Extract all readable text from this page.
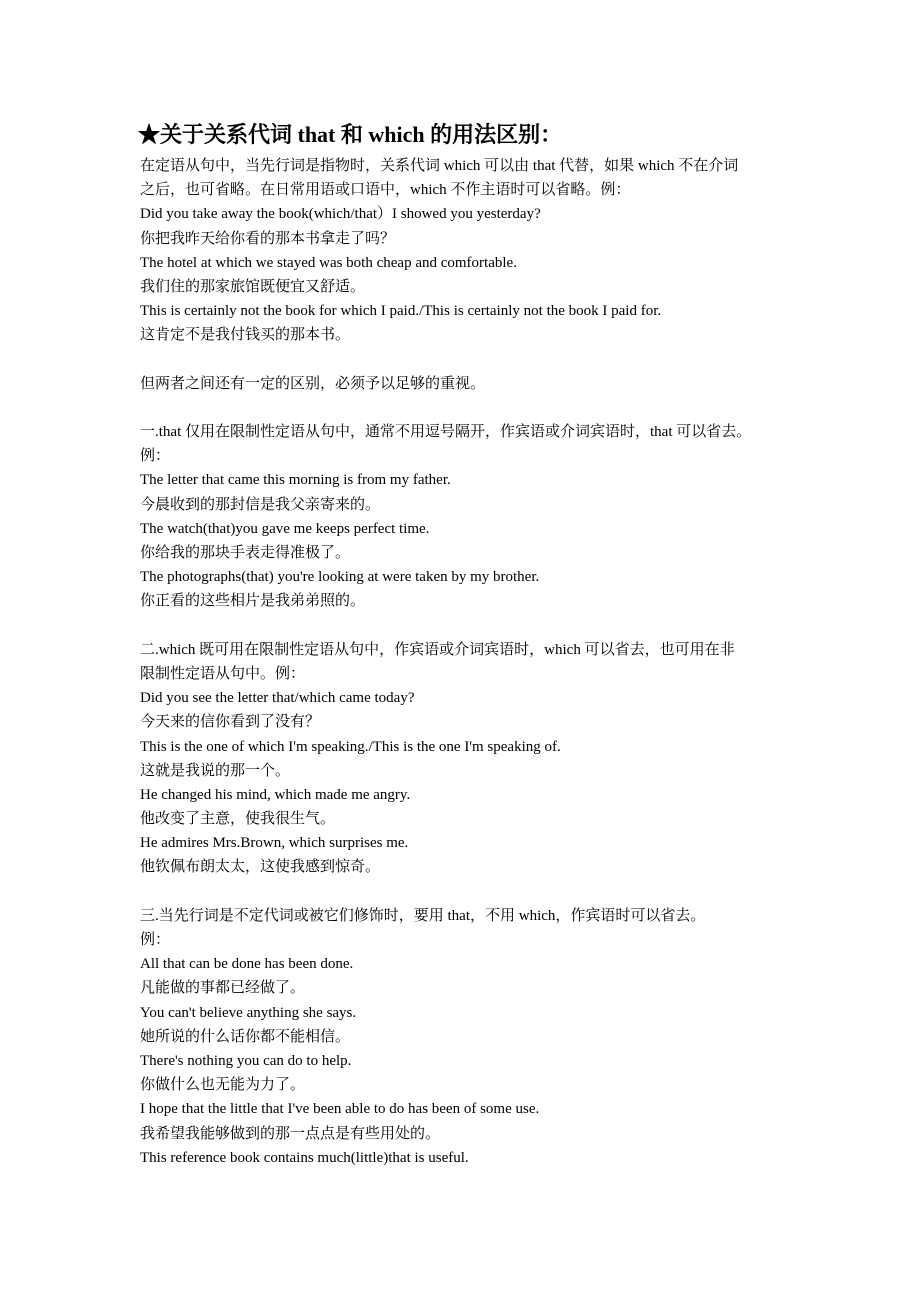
★关于关系代词 that 和 which 的用法区别：
在定语从句中，当先行词是指物时，关系代词 which 可以由 that 代替，如果 which 不在介词
之后，也可省略。在日常用语或口语中，which 不作主语时可以省略。例：
Did you take away the book(which/that）I showed you yesterday?
你把我昨天给你看的那本书拿走了吗？
The hotel at which we stayed was both cheap and comfortable.
我们住的那家旅馆既便宜又舒适。
This is certainly not the book for which I paid./This is certainly not the book I paid for.
这肯定不是我付钱买的那本书。
但两者之间还有一定的区别，必须予以足够的重视。
一.that 仅用在限制性定语从句中，通常不用逗号隔开，作宾语或介词宾语时，that 可以省去。
例：
The letter that came this morning is from my father.
今晨收到的那封信是我父亲寄来的。
The watch(that)you gave me keeps perfect time.
你给我的那块手表走得准极了。
The photographs(that) you're looking at were taken by my brother.
你正看的这些相片是我弟弟照的。
二.which 既可用在限制性定语从句中，作宾语或介词宾语时，which 可以省去，也可用在非
限制性定语从句中。例：
Did you see the letter that/which came today?
今天来的信你看到了没有？
This is the one of which I'm speaking./This is the one I'm speaking of.
这就是我说的那一个。
He changed his mind, which made me angry.
他改变了主意，使我很生气。
He admires Mrs.Brown, which surprises me.
他钦佩布朗太太，这使我感到惊奇。
三.当先行词是不定代词或被它们修饰时，要用 that，不用 which，作宾语时可以省去。
例：
All that can be done has been done.
凡能做的事都已经做了。
You can't believe anything she says.
她所说的什么话你都不能相信。
There's nothing you can do to help.
你做什么也无能为力了。
I hope that the little that I've been able to do has been of some use.
我希望我能够做到的那一点点是有些用处的。
This reference book contains much(little)that is useful.
